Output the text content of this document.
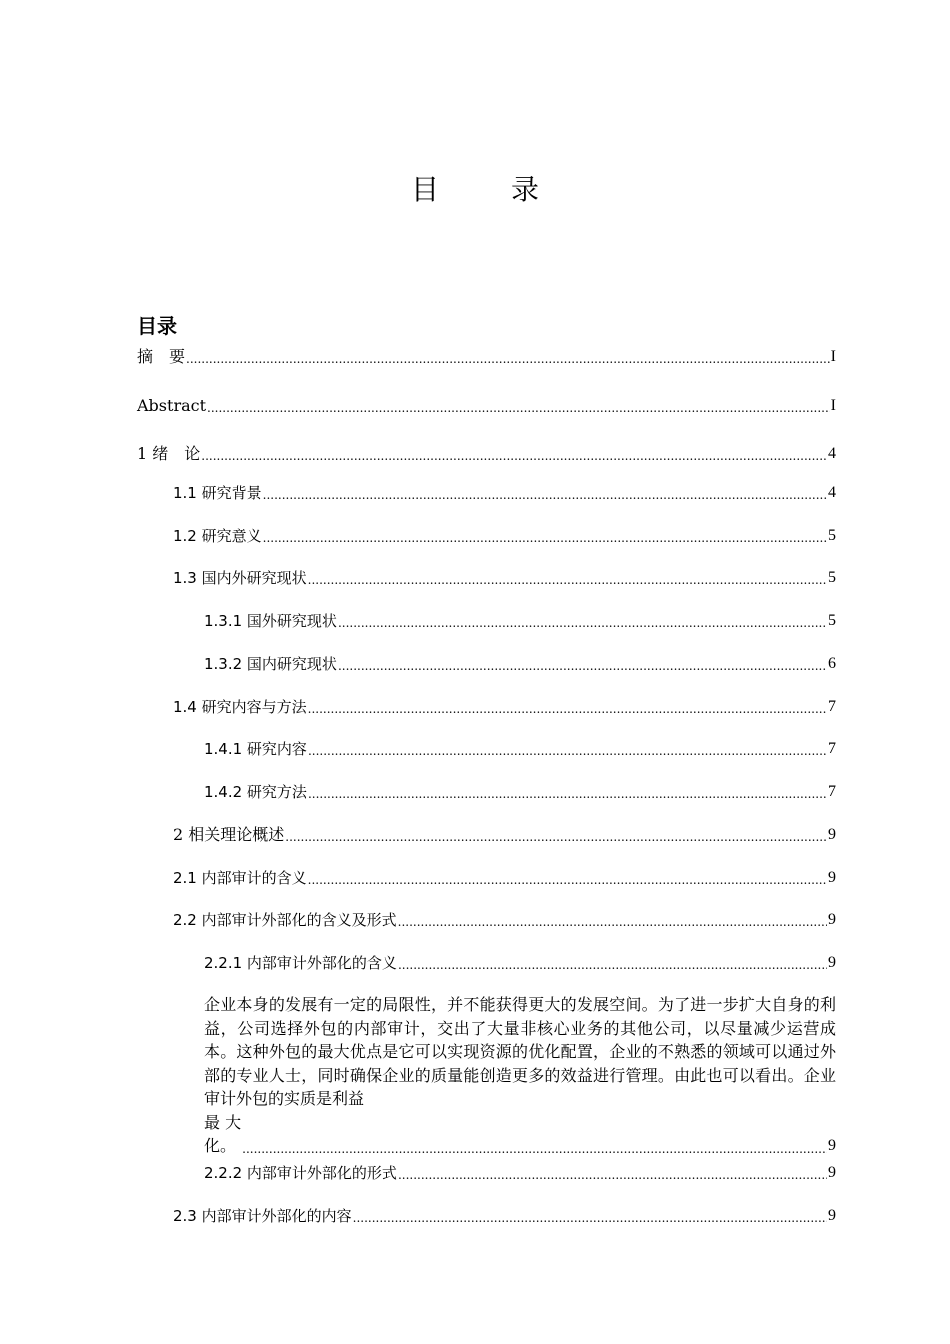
目　录
目录
摘　要 .....	I
Abstract .....	I
1 绪　论 .....	4
1.1 研究背景 .....	4
1.2 研究意义 .....	5
1.3 国内外研究现状 .....	5
1.3.1 国外研究现状 .....	5
1.3.2 国内研究现状 .....	6
1.4 研究内容与方法 .....	7
1.4.1 研究内容 .....	7
1.4.2 研究方法 .....	7
2 相关理论概述 .....	9
2.1 内部审计的含义 .....	9
2.2 内部审计外部化的含义及形式 .....	9
2.2.1 内部审计外部化的含义 .....	9
企业本身的发展有一定的局限性，并不能获得更大的发展空间。为了进一步扩大自身的利益，公司选择外包的内部审计，交出了大量非核心业务的其他公司，以尽量减少运营成本。这种外包的最大优点是它可以实现资源的优化配置，企业的不熟悉的领域可以通过外部的专业人士，同时确保企业的质量能创造更多的效益进行管理。由此也可以看出。企业审计外包的实质是利益
最大化。 .....	9
2.2.2 内部审计外部化的形式 .....	9
2.3 内部审计外部化的内容 .....	9
